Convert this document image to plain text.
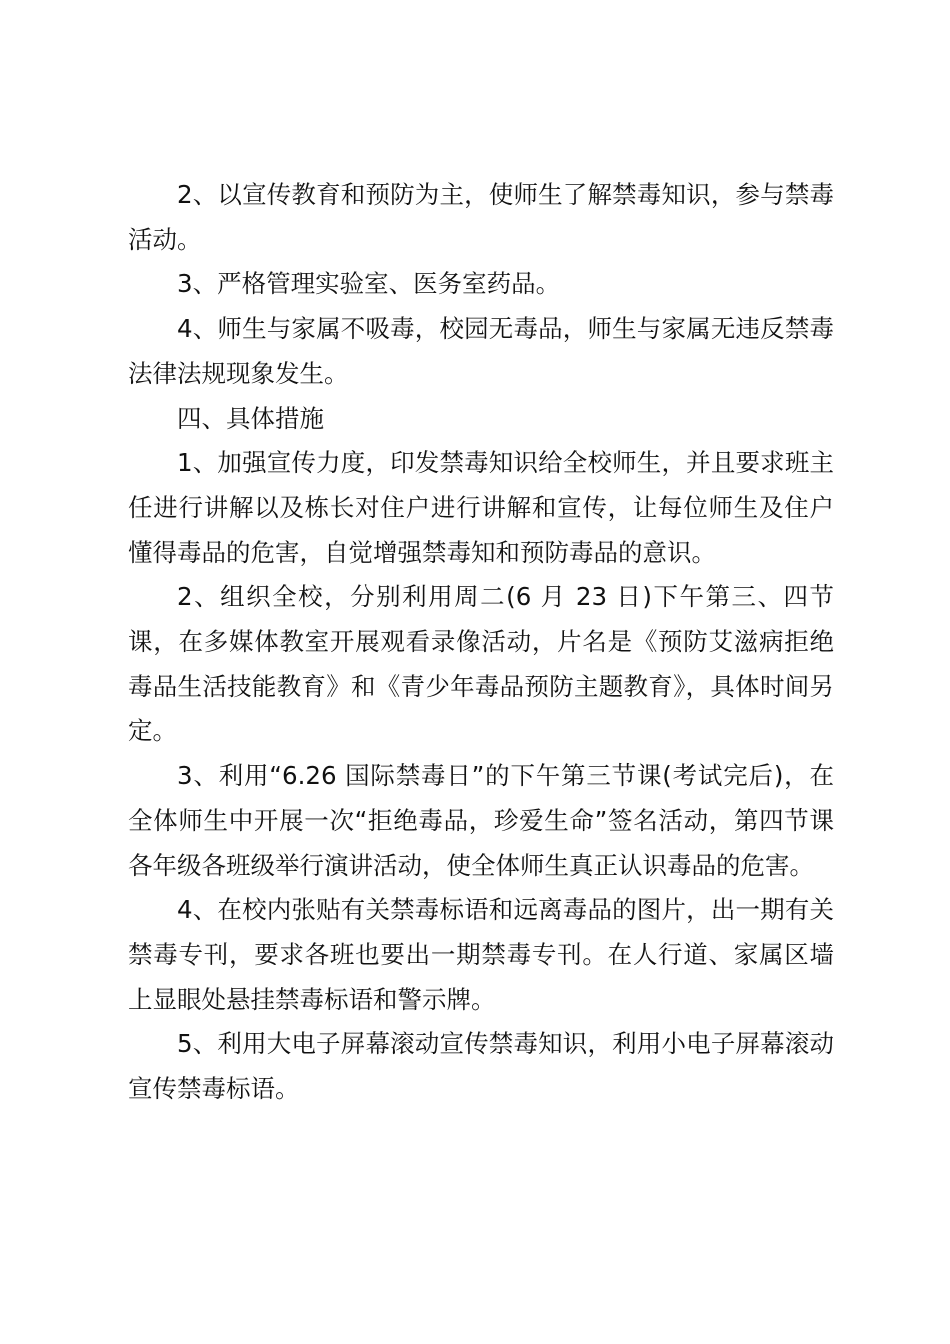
2、以宣传教育和预防为主，使师生了解禁毒知识，参与禁毒活动。

3、严格管理实验室、医务室药品。

4、师生与家属不吸毒，校园无毒品，师生与家属无违反禁毒法律法规现象发生。

四、具体措施

1、加强宣传力度，印发禁毒知识给全校师生，并且要求班主任进行讲解以及栋长对住户进行讲解和宣传，让每位师生及住户懂得毒品的危害，自觉增强禁毒知和预防毒品的意识。

2、组织全校，分别利用周二(6 月 23 日)下午第三、四节课，在多媒体教室开展观看录像活动，片名是《预防艾滋病拒绝毒品生活技能教育》和《青少年毒品预防主题教育》，具体时间另定。

3、利用“6.26 国际禁毒日”的下午第三节课(考试完后)，在全体师生中开展一次“拒绝毒品，珍爱生命”签名活动，第四节课各年级各班级举行演讲活动，使全体师生真正认识毒品的危害。

4、在校内张贴有关禁毒标语和远离毒品的图片，出一期有关禁毒专刊，要求各班也要出一期禁毒专刊。在人行道、家属区墙上显眼处悬挂禁毒标语和警示牌。

5、利用大电子屏幕滚动宣传禁毒知识，利用小电子屏幕滚动宣传禁毒标语。
